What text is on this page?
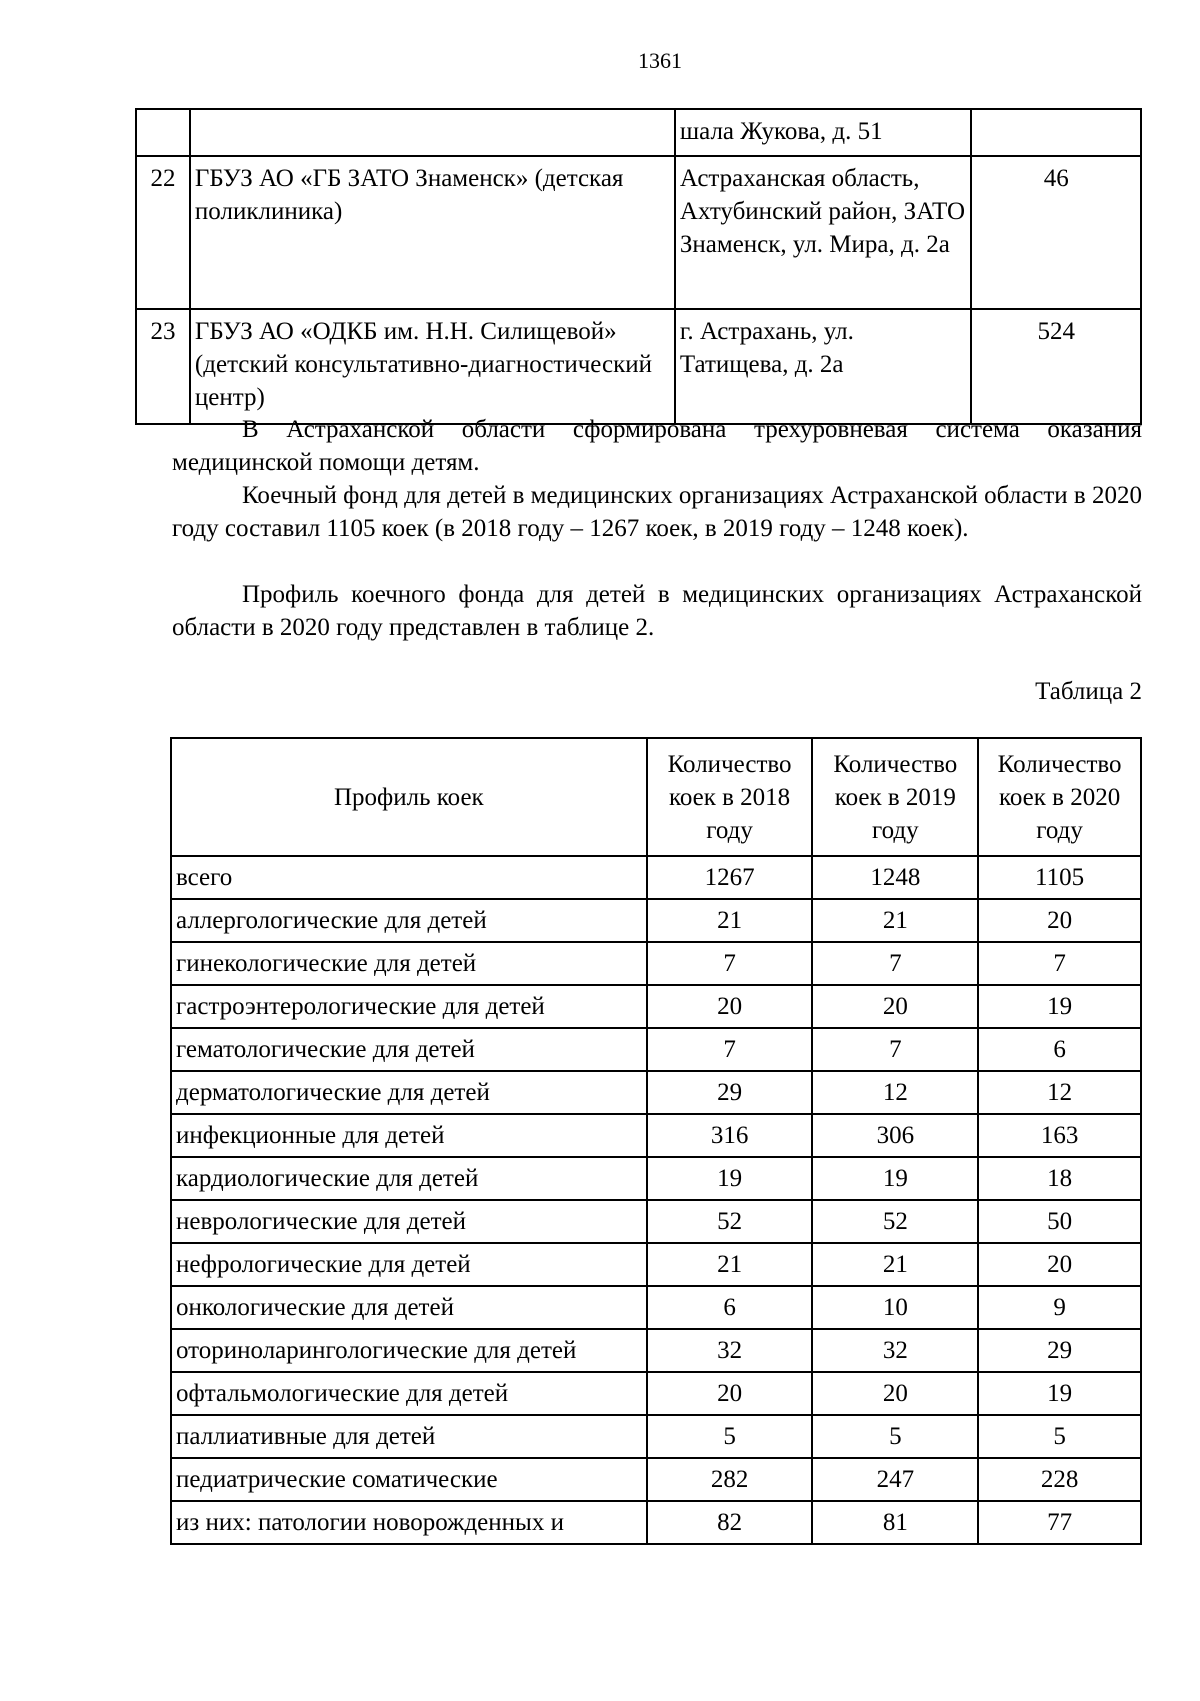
1361
		шала Жукова, д. 51	
22	ГБУЗ АО «ГБ ЗАТО Знаменск» (детская поликлиника)	Астраханская область, Ахтубинский район, ЗАТО Знаменск, ул. Мира, д. 2а	46
23	ГБУЗ АО «ОДКБ им. Н.Н. Силищевой» (детский консультативно-диагностический центр)	г. Астрахань, ул. Татищева, д. 2а	524

В Астраханской области сформирована трехуровневая система оказания медицинской помощи детям.

Коечный фонд для детей в медицинских организациях Астраханской области в 2020 году составил 1105 коек (в 2018 году – 1267 коек, в 2019 году – 1248 коек).

Профиль коечного фонда для детей в медицинских организациях Астраханской области в 2020 году представлен в таблице 2.

Таблица 2
Профиль коек	Количество коек в 2018 году	Количество коек в 2019 году	Количество коек в 2020 году
всего	1267	1248	1105
аллергологические для детей	21	21	20
гинекологические для детей	7	7	7
гастроэнтерологические для детей	20	20	19
гематологические для детей	7	7	6
дерматологические для детей	29	12	12
инфекционные для детей	316	306	163
кардиологические для детей	19	19	18
неврологические для детей	52	52	50
нефрологические для детей	21	21	20
онкологические для детей	6	10	9
оториноларингологические для детей	32	32	29
офтальмологические для детей	20	20	19
паллиативные для детей	5	5	5
педиатрические соматические	282	247	228
из них: патологии новорожденных и	82	81	77
